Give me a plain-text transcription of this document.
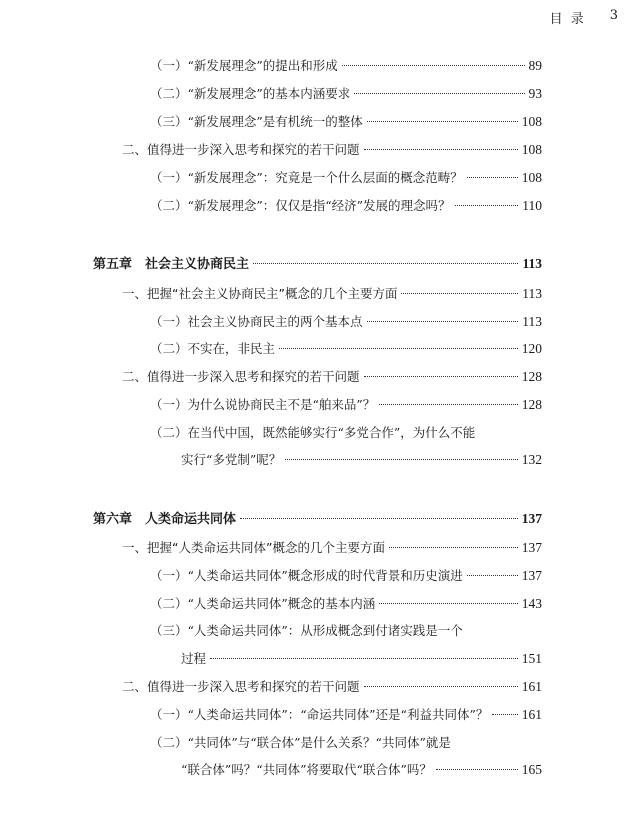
目 录 3
（一）“新发展理念”的提出和形成	89
（二）“新发展理念”的基本内涵要求	93
（三）“新发展理念”是有机统一的整体	108
二、值得进一步深入思考和探究的若干问题	108
（一）“新发展理念”：究竟是一个什么层面的概念范畴？	108
（二）“新发展理念”：仅仅是指“经济”发展的理念吗？	110
第五章　社会主义协商民主	113
一、把握“社会主义协商民主”概念的几个主要方面	113
（一）社会主义协商民主的两个基本点	113
（二）不实在，非民主	120
二、值得进一步深入思考和探究的若干问题	128
（一）为什么说协商民主不是“舶来品”？	128
（二）在当代中国，既然能够实行“多党合作”，为什么不能
实行“多党制”呢？	132
第六章　人类命运共同体	137
一、把握“人类命运共同体”概念的几个主要方面	137
（一）“人类命运共同体”概念形成的时代背景和历史演进	137
（二）“人类命运共同体”概念的基本内涵	143
（三）“人类命运共同体”：从形成概念到付诸实践是一个
过程	151
二、值得进一步深入思考和探究的若干问题	161
（一）“人类命运共同体”：“命运共同体”还是“利益共同体”？ 161
（二）“共同体”与“联合体”是什么关系？“共同体”就是
“联合体”吗？“共同体”将要取代“联合体”吗？	165
